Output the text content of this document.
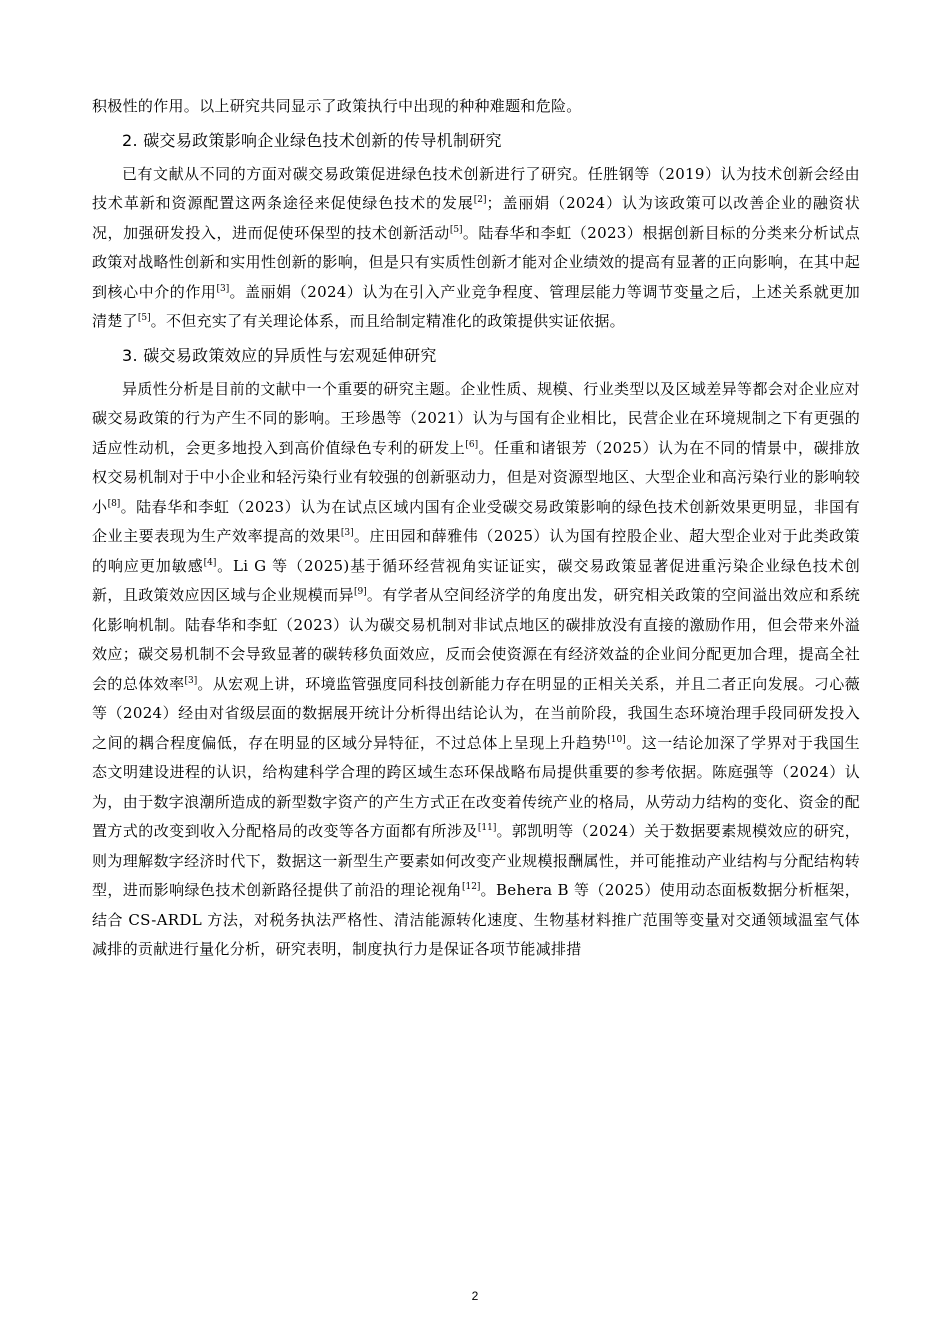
积极性的作用。以上研究共同显示了政策执行中出现的种种难题和危险。

2. 碳交易政策影响企业绿色技术创新的传导机制研究

已有文献从不同的方面对碳交易政策促进绿色技术创新进行了研究。任胜钢等（2019）认为技术创新会经由技术革新和资源配置这两条途径来促使绿色技术的发展[2]；盖丽娟（2024）认为该政策可以改善企业的融资状况，加强研发投入，进而促使环保型的技术创新活动[5]。陆春华和李虹（2023）根据创新目标的分类来分析试点政策对战略性创新和实用性创新的影响，但是只有实质性创新才能对企业绩效的提高有显著的正向影响，在其中起到核心中介的作用[3]。盖丽娟（2024）认为在引入产业竞争程度、管理层能力等调节变量之后，上述关系就更加清楚了[5]。不但充实了有关理论体系，而且给制定精准化的政策提供实证依据。

3. 碳交易政策效应的异质性与宏观延伸研究

异质性分析是目前的文献中一个重要的研究主题。企业性质、规模、行业类型以及区域差异等都会对企业应对碳交易政策的行为产生不同的影响。王珍愚等（2021）认为与国有企业相比，民营企业在环境规制之下有更强的适应性动机，会更多地投入到高价值绿色专利的研发上[6]。任重和诸银芳（2025）认为在不同的情景中，碳排放权交易机制对于中小企业和轻污染行业有较强的创新驱动力，但是对资源型地区、大型企业和高污染行业的影响较小[8]。陆春华和李虹（2023）认为在试点区域内国有企业受碳交易政策影响的绿色技术创新效果更明显，非国有企业主要表现为生产效率提高的效果[3]。庄田园和薛雅伟（2025）认为国有控股企业、超大型企业对于此类政策的响应更加敏感[4]。Li G 等（2025)基于循环经营视角实证证实，碳交易政策显著促进重污染企业绿色技术创新，且政策效应因区域与企业规模而异[9]。有学者从空间经济学的角度出发，研究相关政策的空间溢出效应和系统化影响机制。陆春华和李虹（2023）认为碳交易机制对非试点地区的碳排放没有直接的激励作用，但会带来外溢效应；碳交易机制不会导致显著的碳转移负面效应，反而会使资源在有经济效益的企业间分配更加合理，提高全社会的总体效率[3]。从宏观上讲，环境监管强度同科技创新能力存在明显的正相关关系，并且二者正向发展。刁心薇等（2024）经由对省级层面的数据展开统计分析得出结论认为，在当前阶段，我国生态环境治理手段同研发投入之间的耦合程度偏低，存在明显的区域分异特征，不过总体上呈现上升趋势[10]。这一结论加深了学界对于我国生态文明建设进程的认识，给构建科学合理的跨区域生态环保战略布局提供重要的参考依据。陈庭强等（2024）认为，由于数字浪潮所造成的新型数字资产的产生方式正在改变着传统产业的格局，从劳动力结构的变化、资金的配置方式的改变到收入分配格局的改变等各方面都有所涉及[11]。郭凯明等（2024）关于数据要素规模效应的研究，则为理解数字经济时代下，数据这一新型生产要素如何改变产业规模报酬属性，并可能推动产业结构与分配结构转型，进而影响绿色技术创新路径提供了前沿的理论视角[12]。Behera B 等（2025）使用动态面板数据分析框架，结合 CS-ARDL 方法，对税务执法严格性、清洁能源转化速度、生物基材料推广范围等变量对交通领域温室气体减排的贡献进行量化分析，研究表明，制度执行力是保证各项节能减排措

2
